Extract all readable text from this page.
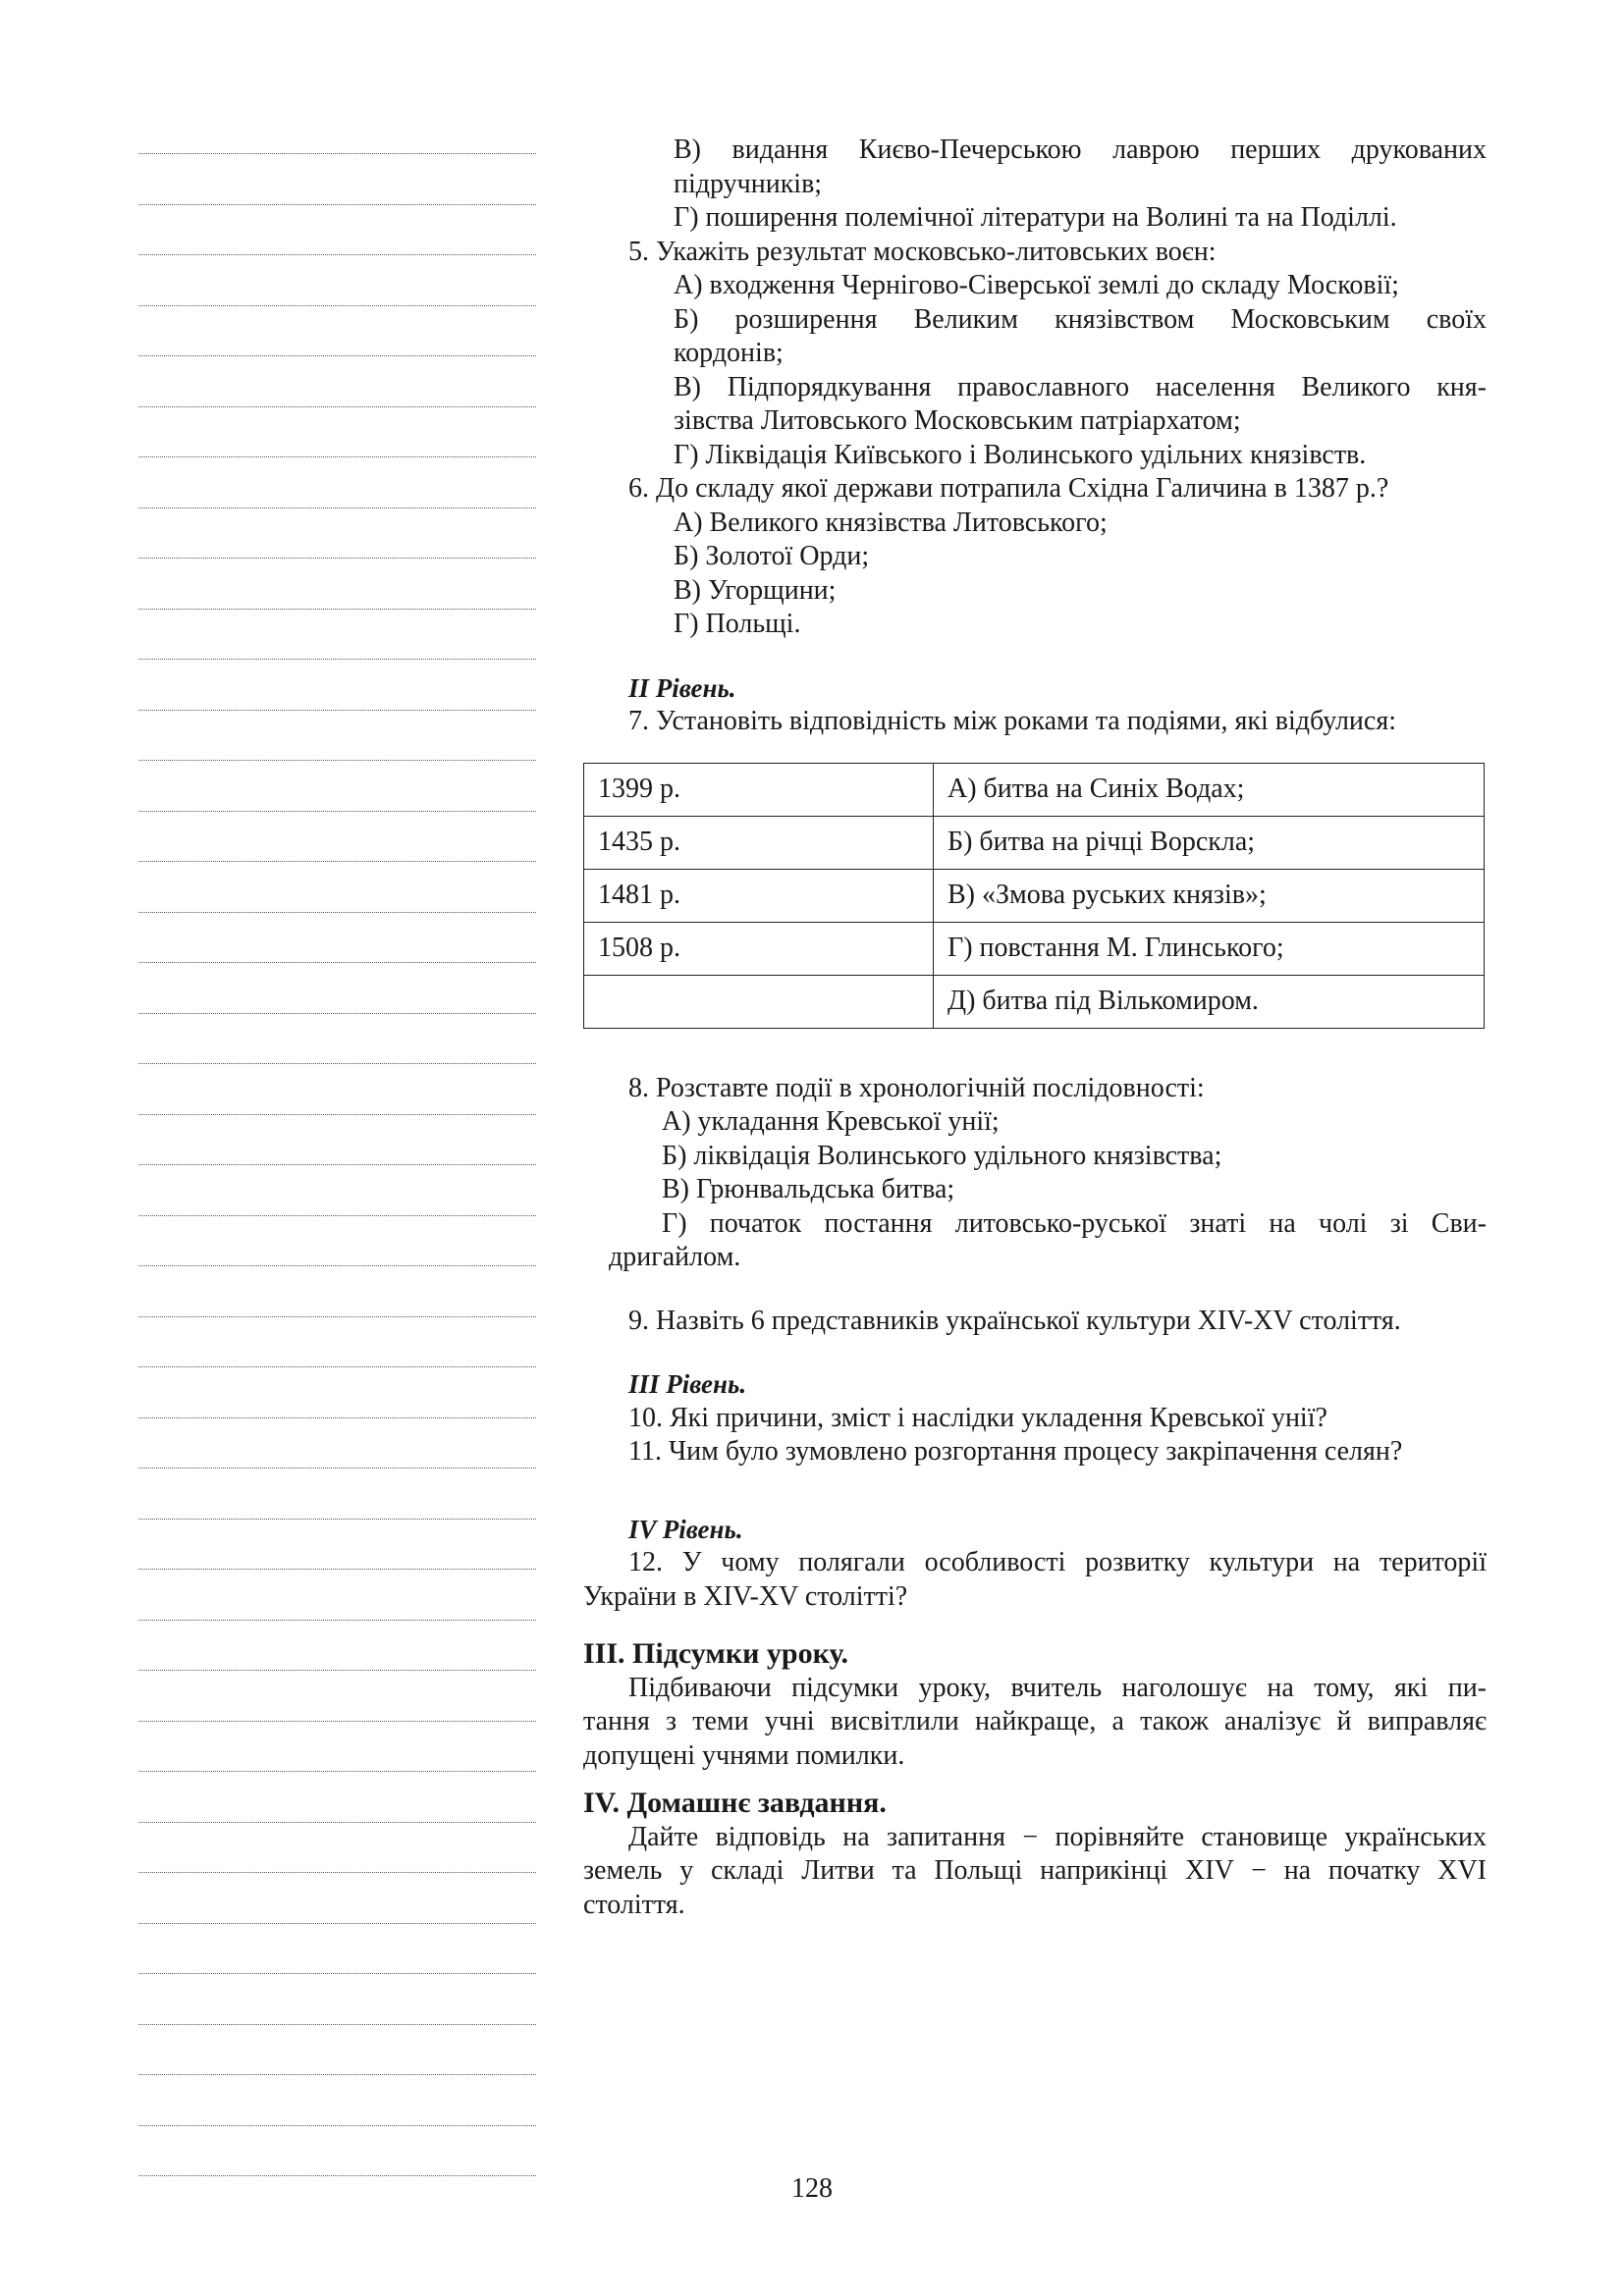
В) видання Києво-Печерською лаврою перших друкованих
підручників;
Г) поширення полемічної літератури на Волині та на Поділлі.
5. Укажіть результат московсько-литовських воєн:
А) входження Чернігово-Сіверської землі до складу Московії;
Б) розширення Великим князівством Московським своїх
кордонів;
В) Підпорядкування православного населення Великого кня-
зівства Литовського Московським патріархатом;
Г) Ліквідація Київського і Волинського удільних князівств.
6. До складу якої держави потрапила Східна Галичина в 1387 р.?
А) Великого князівства Литовського;
Б) Золотої Орди;
В) Угорщини;
Г) Польщі.
ІІ Рівень.
7. Установіть відповідність між роками та подіями, які відбулися:
1399 р.	А) битва на Синіх Водах;
1435 р.	Б) битва на річці Ворскла;
1481 р.	В) «Змова руських князів»;
1508 р.	Г) повстання М. Глинського;
	Д) битва під Вількомиром.
8. Розставте події в хронологічній послідовності:
А) укладання Кревської унії;
Б) ліквідація Волинського удільного князівства;
В) Грюнвальдська битва;
Г) початок постання литовсько-руської знаті на чолі зі Сви-
дригайлом.
9. Назвіть 6 представників української культури XIV-XV століття.
ІІІ Рівень.
10. Які причини, зміст і наслідки укладення Кревської унії?
11. Чим було зумовлено розгортання процесу закріпачення селян?
IV Рівень.
12. У чому полягали особливості розвитку культури на території
України в XIV-XV столітті?
ІІІ. Підсумки уроку.
Підбиваючи підсумки уроку, вчитель наголошує на тому, які пи-
тання з теми учні висвітлили найкраще, а також аналізує й виправляє
допущені учнями помилки.
IV. Домашнє завдання.
Дайте відповідь на запитання − порівняйте становище українських
земель у складі Литви та Польщі наприкінці XIV − на початку XVI
століття.
128
